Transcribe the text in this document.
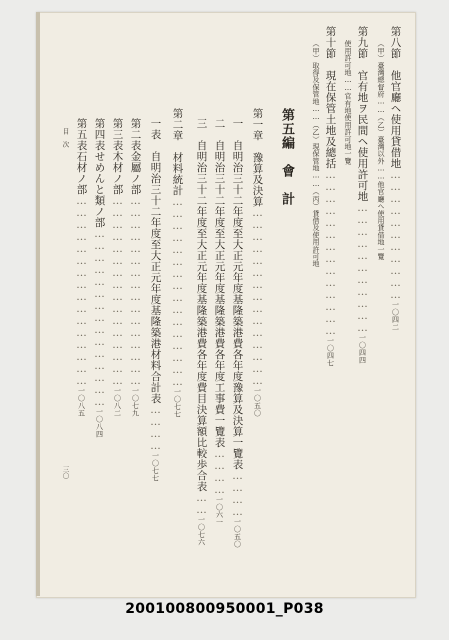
第八節　他官廳ヘ使用貸借地……………………………一〇四二
（甲）臺灣總督府……（乙）臺灣以外……他官廳ヘ使用貸借地一覽
第九節　官有地ヲ民間ヘ使用許可地……………………………一〇四四
使用許可地……官有地使用許可地一覽
第十節　現在保管土地及總括……………………………………一〇四七
（甲）取得及保管地……（乙）現保管地……（丙）貸借及使用許可地
第五編　會　計
第一章　豫算及決算………………………………………一〇五〇
一　自明治三十二年度至大正元年度基隆築港費各年度豫算及決算一覽表…………一〇五〇
二　自明治三十二年度至大正元年度基隆築港費各年度工事費一覽表…………一〇六一
三　自明治三十二年度至大正元年度基隆築港費各年度費目決算額比較歩合表……一〇七六
第二章　材料統計…………………………………………一〇七七
一表　自明治三十二年度至大正元年度基隆築港材料合計表…………一〇七七
第二表金屬ノ部…………………………………………一〇七九
第三表木材ノ部…………………………………………一〇八二
第四表せめんと類ノ部………………………………………一〇八四
第五表石材ノ部…………………………………………一〇八五
目　次
三〇
200100800950001_P038
